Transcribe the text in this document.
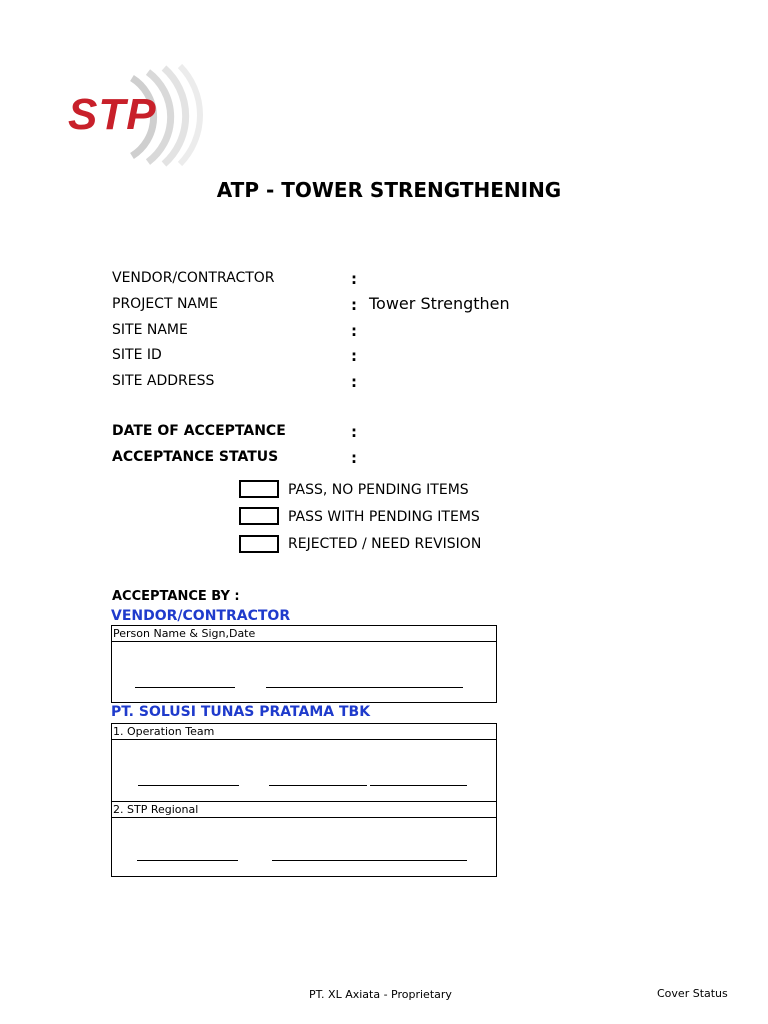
STP
ATP - TOWER STRENGTHENING
VENDOR/CONTRACTOR	:
PROJECT NAME	: Tower Strengthen
SITE NAME	:
SITE ID	:
SITE ADDRESS	:
DATE OF ACCEPTANCE	:
ACCEPTANCE STATUS	:
PASS, NO PENDING ITEMS
PASS WITH PENDING ITEMS
REJECTED / NEED REVISION
ACCEPTANCE BY :
VENDOR/CONTRACTOR
Person Name & Sign,Date
PT. SOLUSI TUNAS PRATAMA TBK
1. Operation Team
2. STP Regional
PT. XL Axiata - Proprietary	Cover Status
